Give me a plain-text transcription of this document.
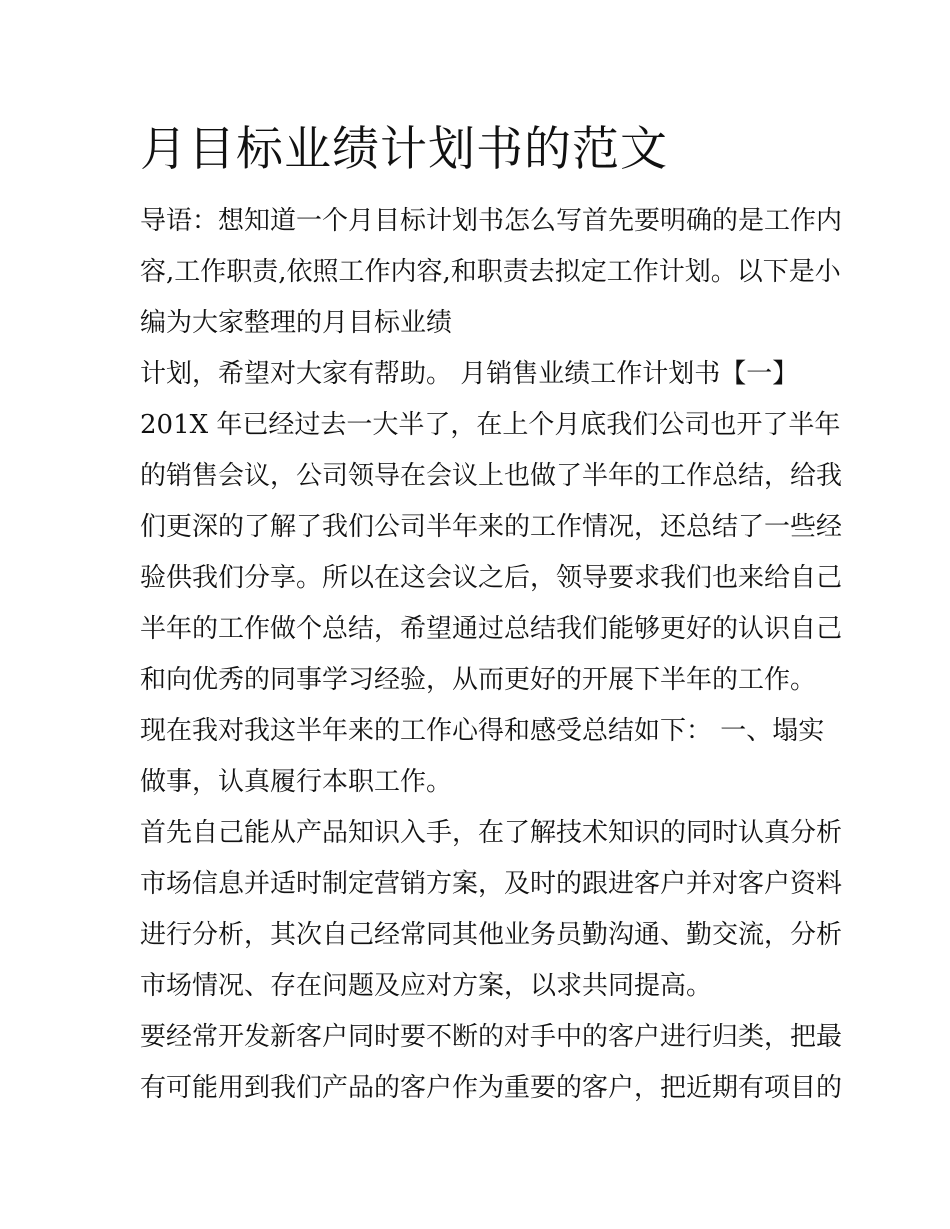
月目标业绩计划书的范文
导语：想知道一个月目标计划书怎么写首先要明确的是工作内
容,工作职责,依照工作内容,和职责去拟定工作计划。以下是小
编为大家整理的月目标业绩
计划，希望对大家有帮助。 月销售业绩工作计划书【一】
201X 年已经过去一大半了，在上个月底我们公司也开了半年
的销售会议，公司领导在会议上也做了半年的工作总结，给我
们更深的了解了我们公司半年来的工作情况，还总结了一些经
验供我们分享。所以在这会议之后，领导要求我们也来给自己
半年的工作做个总结，希望通过总结我们能够更好的认识自己
和向优秀的同事学习经验，从而更好的开展下半年的工作。
现在我对我这半年来的工作心得和感受总结如下： 一、塌实
做事，认真履行本职工作。
首先自己能从产品知识入手，在了解技术知识的同时认真分析
市场信息并适时制定营销方案，及时的跟进客户并对客户资料
进行分析，其次自己经常同其他业务员勤沟通、勤交流，分析
市场情况、存在问题及应对方案，以求共同提高。
要经常开发新客户同时要不断的对手中的客户进行归类，把最
有可能用到我们产品的客户作为重要的客户，把近期有项目的
